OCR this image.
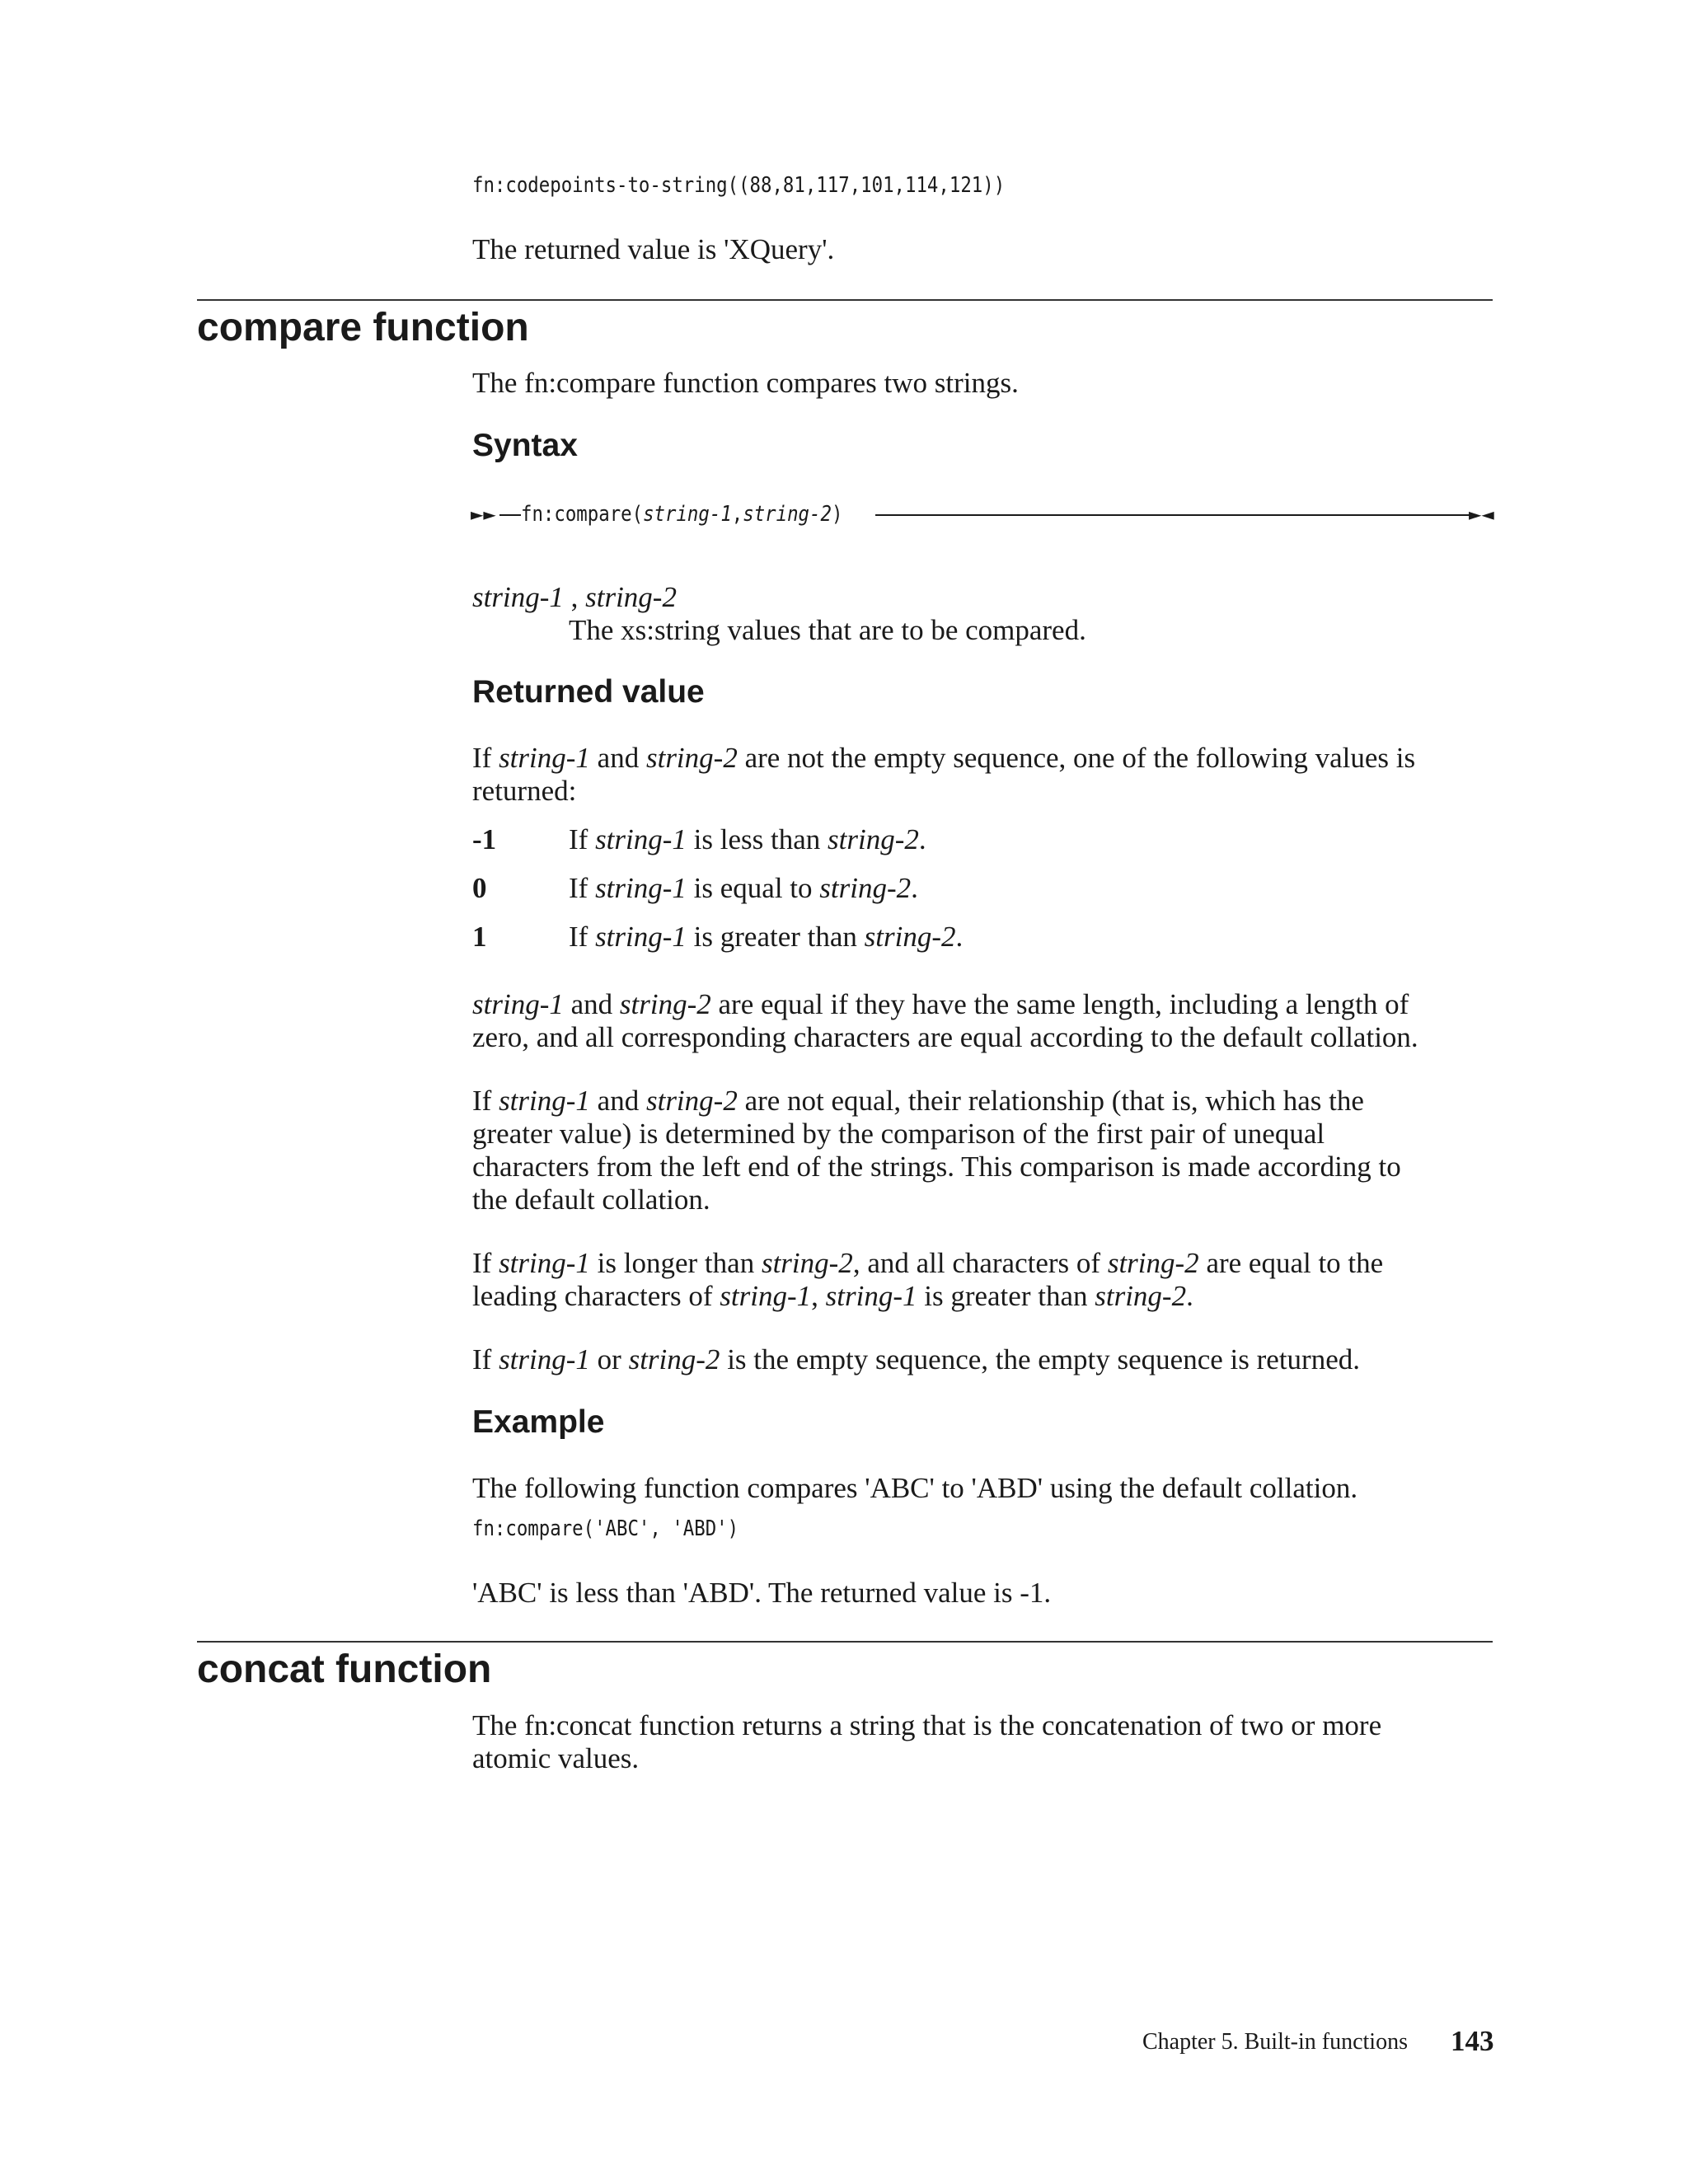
fn:codepoints-to-string((88,81,117,101,114,121))
The returned value is 'XQuery'.
compare function
The fn:compare function compares two strings.
Syntax
►► fn:compare(string-1,string-2)	►◄
string-1 , string-2
The xs:string values that are to be compared.
Returned value
If string-1 and string-2 are not the empty sequence, one of the following values is
returned:
-1	If string-1 is less than string-2.
0	If string-1 is equal to string-2.
1	If string-1 is greater than string-2.
string-1 and string-2 are equal if they have the same length, including a length of
zero, and all corresponding characters are equal according to the default collation.
If string-1 and string-2 are not equal, their relationship (that is, which has the
greater value) is determined by the comparison of the first pair of unequal
characters from the left end of the strings. This comparison is made according to
the default collation.
If string-1 is longer than string-2, and all characters of string-2 are equal to the
leading characters of string-1, string-1 is greater than string-2.
If string-1 or string-2 is the empty sequence, the empty sequence is returned.
Example
The following function compares 'ABC' to 'ABD' using the default collation.
fn:compare('ABC', 'ABD')
'ABC' is less than 'ABD'. The returned value is -1.
concat function
The fn:concat function returns a string that is the concatenation of two or more
atomic values.
Chapter 5. Built-in functions 143
